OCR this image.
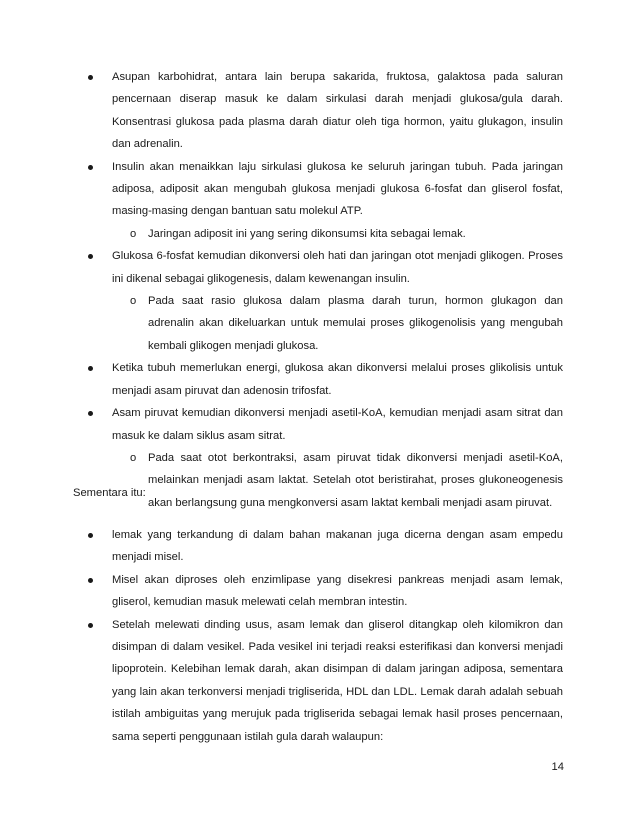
Asupan karbohidrat, antara lain berupa sakarida, fruktosa, galaktosa pada saluran pencernaan diserap masuk ke dalam sirkulasi darah menjadi glukosa/gula darah. Konsentrasi glukosa pada plasma darah diatur oleh tiga hormon, yaitu glukagon, insulin dan adrenalin.
Insulin akan menaikkan laju sirkulasi glukosa ke seluruh jaringan tubuh. Pada jaringan adiposa, adiposit akan mengubah glukosa menjadi glukosa 6-fosfat dan gliserol fosfat, masing-masing dengan bantuan satu molekul ATP.
o Jaringan adiposit ini yang sering dikonsumsi kita sebagai lemak.
Glukosa 6-fosfat kemudian dikonversi oleh hati dan jaringan otot menjadi glikogen. Proses ini dikenal sebagai glikogenesis, dalam kewenangan insulin.
o Pada saat rasio glukosa dalam plasma darah turun, hormon glukagon dan adrenalin akan dikeluarkan untuk memulai proses glikogenolisis yang mengubah kembali glikogen menjadi glukosa.
Ketika tubuh memerlukan energi, glukosa akan dikonversi melalui proses glikolisis untuk menjadi asam piruvat dan adenosin trifosfat.
Asam piruvat kemudian dikonversi menjadi asetil-KoA, kemudian menjadi asam sitrat dan masuk ke dalam siklus asam sitrat.
o Pada saat otot berkontraksi, asam piruvat tidak dikonversi menjadi asetil-KoA, melainkan menjadi asam laktat. Setelah otot beristirahat, proses glukoneogenesis akan berlangsung guna mengkonversi asam laktat kembali menjadi asam piruvat.

Sementara itu:

lemak yang terkandung di dalam bahan makanan juga dicerna dengan asam empedu menjadi misel.
Misel akan diproses oleh enzimlipase yang disekresi pankreas menjadi asam lemak, gliserol, kemudian masuk melewati celah membran intestin.
Setelah melewati dinding usus, asam lemak dan gliserol ditangkap oleh kilomikron dan disimpan di dalam vesikel. Pada vesikel ini terjadi reaksi esterifikasi dan konversi menjadi lipoprotein. Kelebihan lemak darah, akan disimpan di dalam jaringan adiposa, sementara yang lain akan terkonversi menjadi trigliserida, HDL dan LDL. Lemak darah adalah sebuah istilah ambiguitas yang merujuk pada trigliserida sebagai lemak hasil proses pencernaan, sama seperti penggunaan istilah gula darah walaupun:
14
